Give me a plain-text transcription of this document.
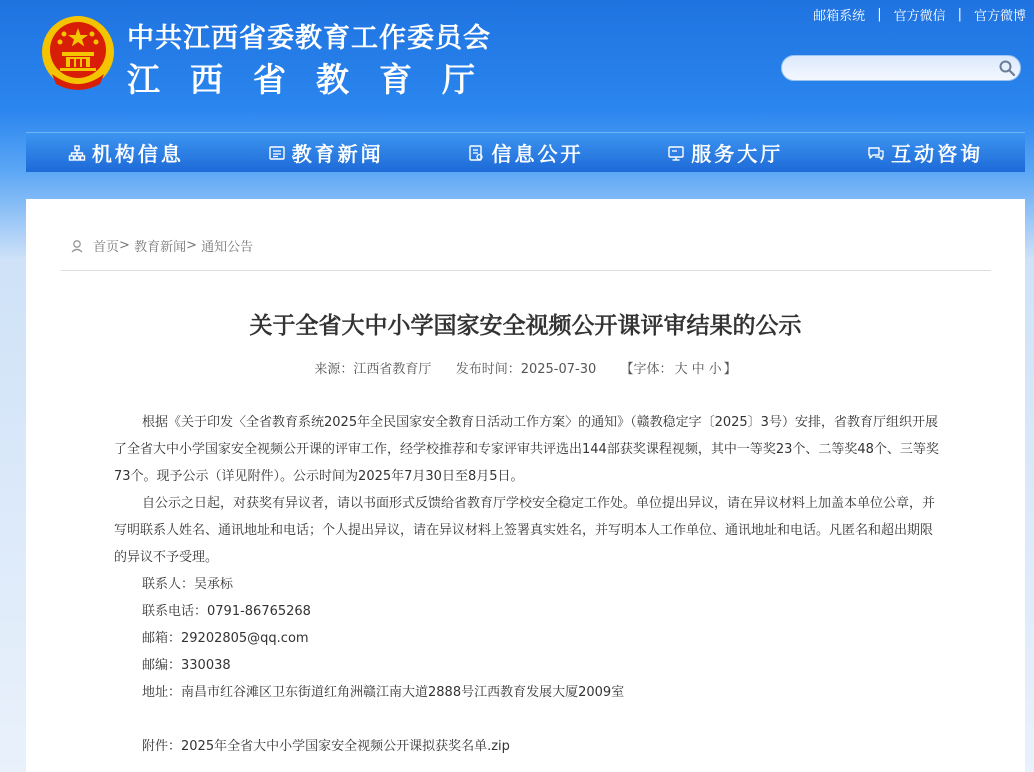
中共江西省委教育工作委员会
江西省教育厅
邮箱系统 | 官方微信 | 官方微博
机构信息	教育新闻	信息公开	服务大厅	互动咨询
首页 >
教育新闻 >
通知公告
关于全省大中小学国家安全视频公开课评审结果的公示
来源：江西省教育厅 发布时间：2025-07-30 【字体： 大 中 小 】

根据《关于印发〈全省教育系统2025年全民国家安全教育日活动工作方案〉的通知》（赣教稳定字〔2025〕3号）安排，省教育厅组织开展了全省大中小学国家安全视频公开课的评审工作，经学校推荐和专家评审共评选出144部获奖课程视频，其中一等奖23个、二等奖48个、三等奖73个。现予公示（详见附件）。公示时间为2025年7月30日至8月5日。

自公示之日起，对获奖有异议者，请以书面形式反馈给省教育厅学校安全稳定工作处。单位提出异议，请在异议材料上加盖本单位公章，并写明联系人姓名、通讯地址和电话；个人提出异议，请在异议材料上签署真实姓名，并写明本人工作单位、通讯地址和电话。凡匿名和超出期限的异议不予受理。

联系人：吴承标
联系电话：0791-86765268
邮箱：29202805@qq.com
邮编：330038
地址：南昌市红谷滩区卫东街道红角洲赣江南大道2888号江西教育发展大厦2009室
附件：2025年全省大中小学国家安全视频公开课拟获奖名单.zip
